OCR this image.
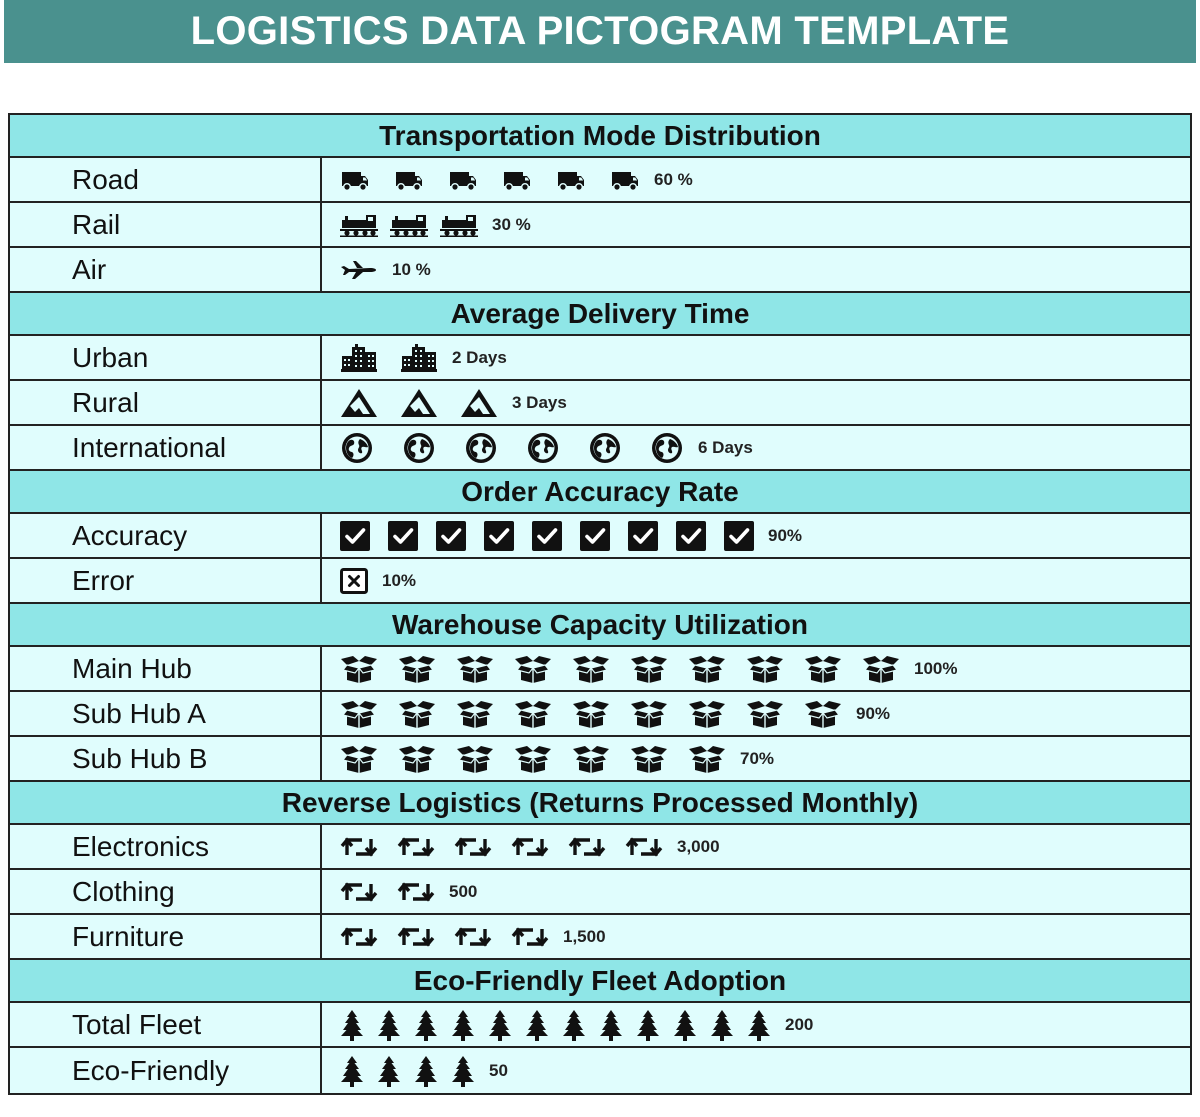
LOGISTICS DATA PICTOGRAM TEMPLATE
Transportation Mode Distribution
Road	60 %
Rail	30 %
Air	10 %
Average Delivery Time
Urban	2 Days
Rural	3 Days
International	6 Days
Order Accuracy Rate
Accuracy	90%
Error	10%
Warehouse Capacity Utilization
Main Hub	100%
Sub Hub A	90%
Sub Hub B	70%
Reverse Logistics (Returns Processed Monthly)
Electronics	3,000
Clothing	500
Furniture	1,500
Eco-Friendly Fleet Adoption
Total Fleet	200
Eco-Friendly	50
